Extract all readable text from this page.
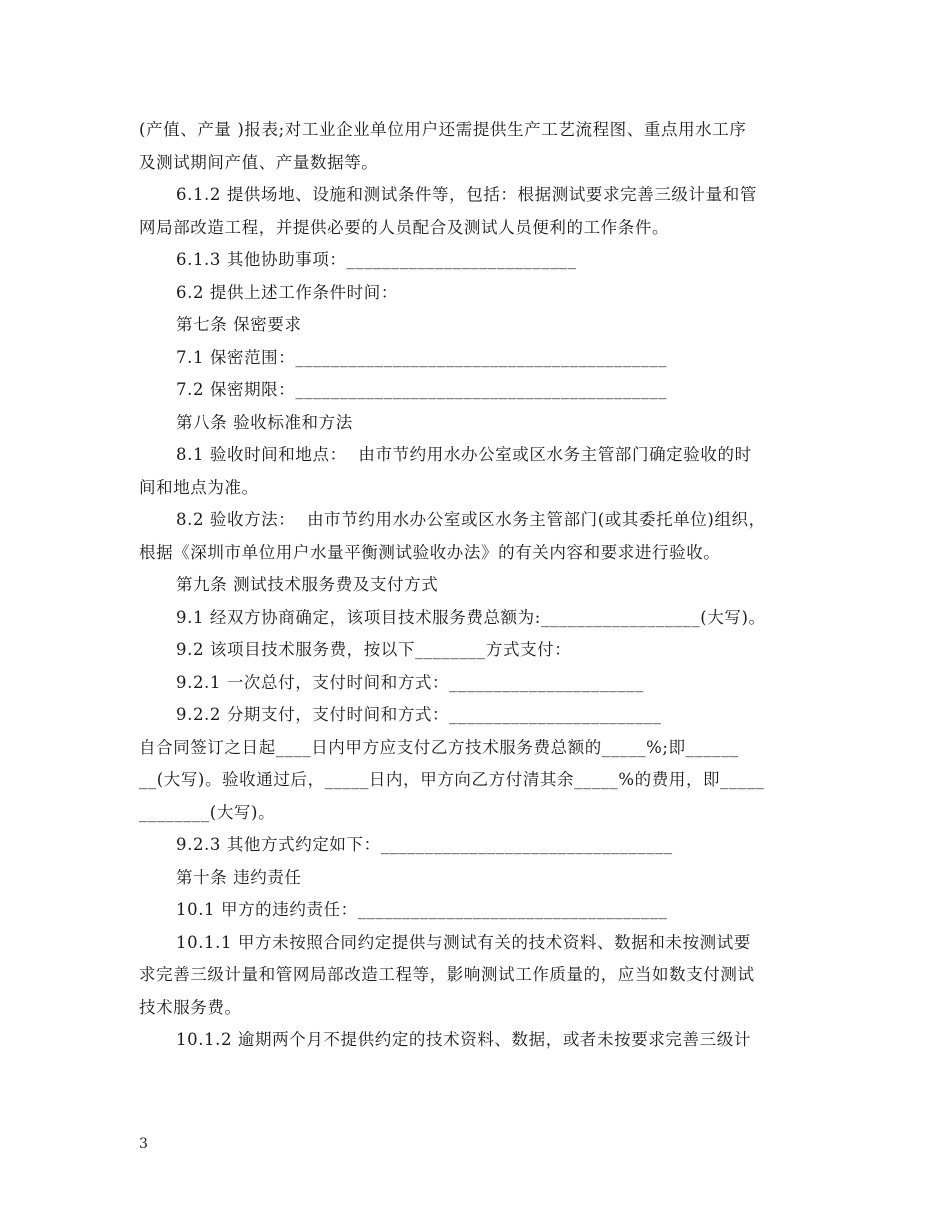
(产值、产量 )报表;对工业企业单位用户还需提供生产工艺流程图、重点用水工序

及测试期间产值、产量数据等。

6.1.2 提供场地、设施和测试条件等，包括：根据测试要求完善三级计量和管

网局部改造工程，并提供必要的人员配合及测试人员便利的工作条件。

6.1.3 其他协助事项：__________________________

6.2 提供上述工作条件时间：

第七条 保密要求

7.1 保密范围：__________________________________________

7.2 保密期限：__________________________________________

第八条 验收标准和方法

8.1 验收时间和地点：  由市节约用水办公室或区水务主管部门确定验收的时

间和地点为准。

8.2 验收方法：  由市节约用水办公室或区水务主管部门(或其委托单位)组织，

根据《深圳市单位用户水量平衡测试验收办法》的有关内容和要求进行验收。

第九条 测试技术服务费及支付方式

9.1 经双方协商确定，该项目技术服务费总额为:__________________(大写)。

9.2 该项目技术服务费，按以下________方式支付：

9.2.1 一次总付，支付时间和方式：______________________

9.2.2 分期支付，支付时间和方式：________________________

自合同签订之日起____日内甲方应支付乙方技术服务费总额的_____%;即______

__(大写)。验收通过后，_____日内，甲方向乙方付清其余_____%的费用，即_____

________(大写)。

9.2.3 其他方式约定如下：_________________________________

第十条 违约责任

10.1 甲方的违约责任：___________________________________

10.1.1 甲方未按照合同约定提供与测试有关的技术资料、数据和未按测试要

求完善三级计量和管网局部改造工程等，影响测试工作质量的，应当如数支付测试

技术服务费。

10.1.2 逾期两个月不提供约定的技术资料、数据，或者未按要求完善三级计

3
